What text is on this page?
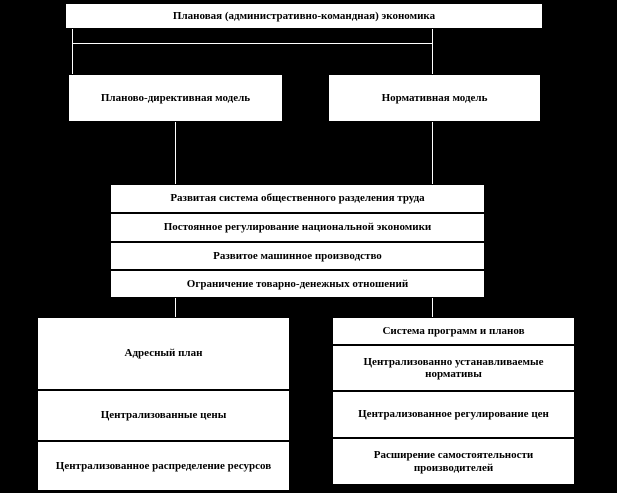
Плановая (административно-командная) экономика
Планово-директивная модель	Нормативная модель
Развитая система общественного разделения труда
Постоянное регулирование национальной экономики
Развитое машинное производство
Ограничение товарно-денежных отношений
Адресный план
Централизованные цены
Централизованное распределение ресурсов
Система программ и планов
Централизованно устанавливаемые нормативы
Централизованное регулирование цен
Расширение самостоятельности производителей
